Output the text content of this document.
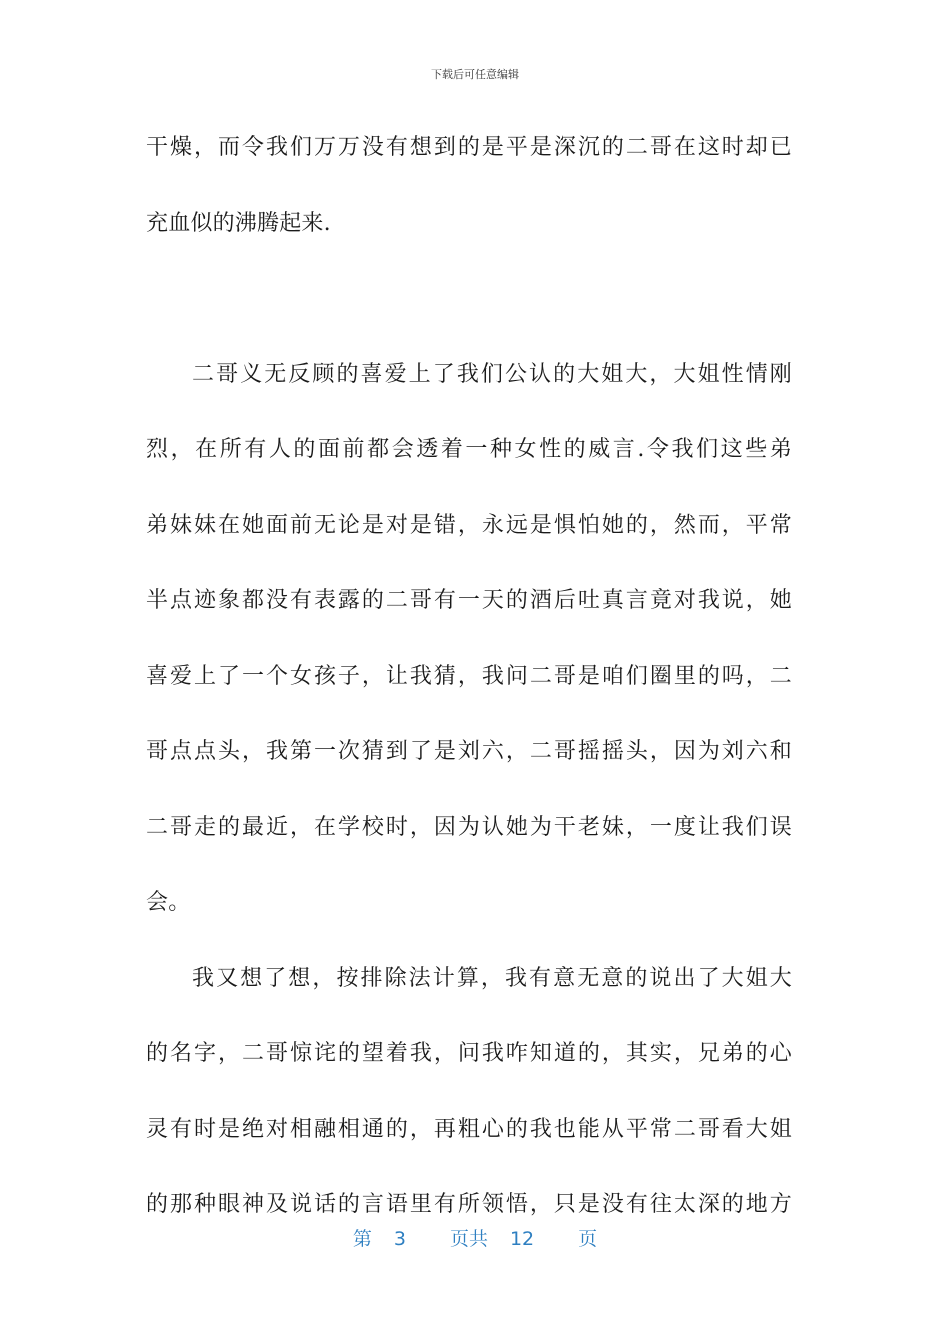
下载后可任意编辑
干燥，而令我们万万没有想到的是平是深沉的二哥在这时却已
充血似的沸腾起来.
二哥义无反顾的喜爱上了我们公认的大姐大，大姐性情刚
烈，在所有人的面前都会透着一种女性的威言.令我们这些弟
弟妹妹在她面前无论是对是错，永远是惧怕她的，然而，平常
半点迹象都没有表露的二哥有一天的酒后吐真言竟对我说，她
喜爱上了一个女孩子，让我猜，我问二哥是咱们圈里的吗，二
哥点点头，我第一次猜到了是刘六，二哥摇摇头，因为刘六和
二哥走的最近，在学校时，因为认她为干老妹，一度让我们误
会。
我又想了想，按排除法计算，我有意无意的说出了大姐大
的名字，二哥惊诧的望着我，问我咋知道的，其实，兄弟的心
灵有时是绝对相融相通的，再粗心的我也能从平常二哥看大姐
的那种眼神及说话的言语里有所领悟，只是没有往太深的地方
第 3 页共 12 页
